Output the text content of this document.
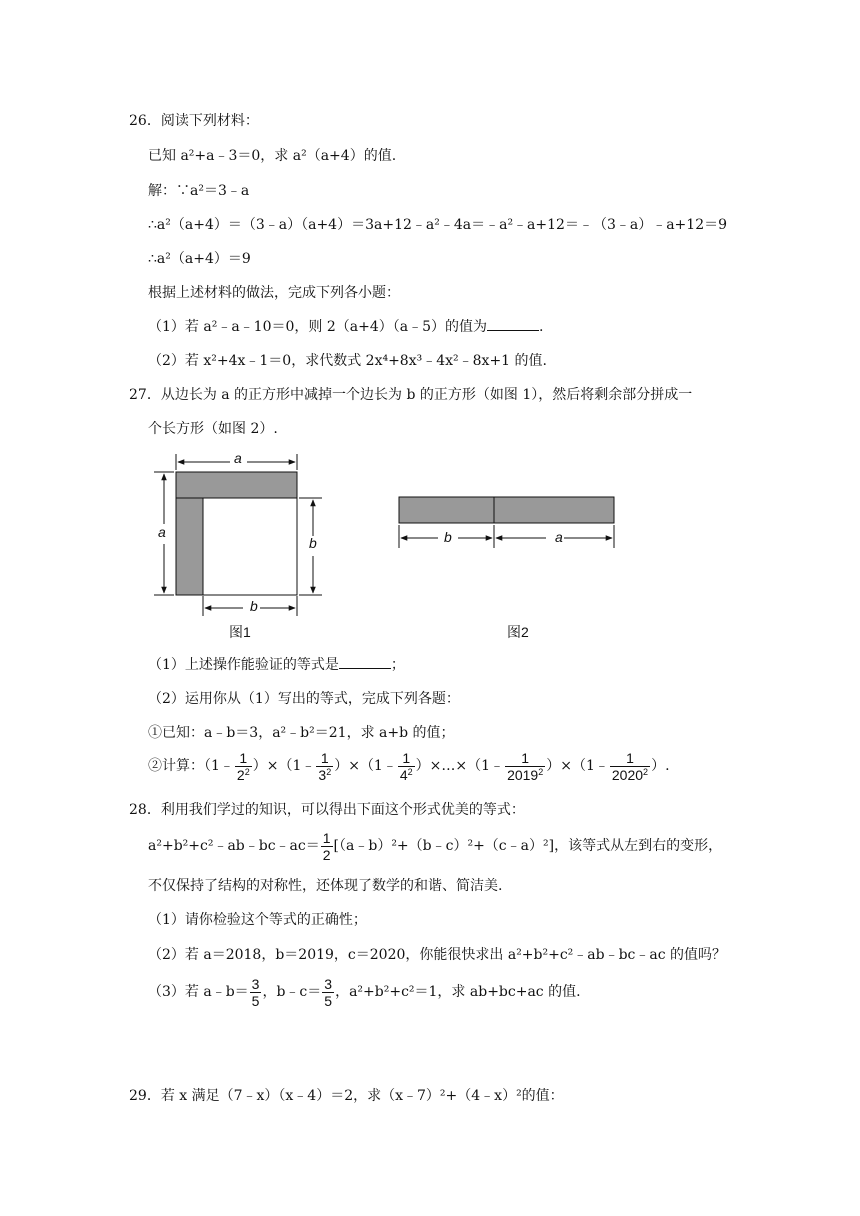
26．阅读下列材料：
已知 a²+a﹣3＝0，求 a²（a+4）的值.
解：∵a²＝3﹣a
∴a²（a+4）＝（3﹣a）（a+4）＝3a+12﹣a²﹣4a＝﹣a²﹣a+12＝﹣（3﹣a）﹣a+12＝9
∴a²（a+4）＝9
根据上述材料的做法，完成下列各小题：
（1）若 a²﹣a﹣10＝0，则 2（a+4）（a﹣5）的值为	.
（2）若 x²+4x﹣1＝0，求代数式 2x⁴+8x³﹣4x²﹣8x+1 的值.
27．从边长为 a 的正方形中减掉一个边长为 b 的正方形（如图 1），然后将剩余部分拼成一
个长方形（如图 2）.
a
a
b
b
图1
b	a
图2
（1）上述操作能验证的等式是	；
（2）运用你从（1）写出的等式，完成下列各题：
①已知：a﹣b＝3，a²﹣b²＝21，求 a+b 的值；
②计算：（1﹣ $\frac{1}{2^2}$ ）×（1﹣ $\frac{1}{3^2}$ ）×（1﹣ $\frac{1}{4^2}$ ）×…×（1﹣ $\frac{1}{2019^2}$ ）×（1﹣ $\frac{1}{2020^2}$ ）.
28．利用我们学过的知识，可以得出下面这个形式优美的等式：
a²+b²+c²﹣ab﹣bc﹣ac＝ $\frac{1}{2}$ [（a﹣b）²+（b﹣c）²+（c﹣a）²]，该等式从左到右的变形，
不仅保持了结构的对称性，还体现了数学的和谐、简洁美.
（1）请你检验这个等式的正确性；
（2）若 a＝2018，b＝2019，c＝2020，你能很快求出 a²+b²+c²﹣ab﹣bc﹣ac 的值吗？
（3）若 a﹣b＝ $\frac{3}{5}$ ，b﹣c＝ $\frac{3}{5}$ ，a²+b²+c²＝1，求 ab+bc+ac 的值.
29．若 x 满足（7﹣x）（x﹣4）＝2，求（x﹣7）²+（4﹣x）²的值：
